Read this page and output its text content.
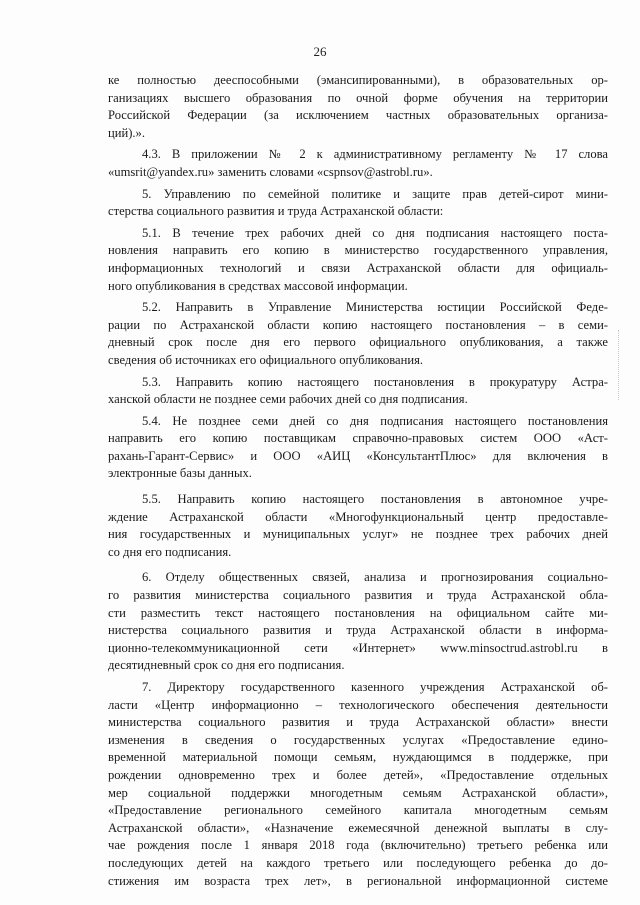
26
ке полностью дееспособными (эмансипированными), в образовательных ор-
ганизациях высшего образования по очной форме обучения на территории
Российской Федерации (за исключением частных образовательных организа-
ций).».
4.3. В приложении № 2 к административному регламенту № 17 слова
«umsrit@yandex.ru» заменить словами «cspnsov@astrobl.ru».
5. Управлению по семейной политике и защите прав детей-сирот мини-
стерства социального развития и труда Астраханской области:
5.1. В течение трех рабочих дней со дня подписания настоящего поста-
новления направить его копию в министерство государственного управления,
информационных технологий и связи Астраханской области для официаль-
ного опубликования в средствах массовой информации.
5.2. Направить в Управление Министерства юстиции Российской Феде-
рации по Астраханской области копию настоящего постановления – в семи-
дневный срок после дня его первого официального опубликования, а также
сведения об источниках его официального опубликования.
5.3. Направить копию настоящего постановления в прокуратуру Астра-
ханской области не позднее семи рабочих дней со дня подписания.
5.4. Не позднее семи дней со дня подписания настоящего постановления
направить его копию поставщикам справочно-правовых систем ООО «Аст-
рахань-Гарант-Сервис» и ООО «АИЦ «КонсультантПлюс» для включения в
электронные базы данных.
5.5. Направить копию настоящего постановления в автономное учре-
ждение Астраханской области «Многофункциональный центр предоставле-
ния государственных и муниципальных услуг» не позднее трех рабочих дней
со дня его подписания.
6. Отделу общественных связей, анализа и прогнозирования социально-
го развития министерства социального развития и труда Астраханской обла-
сти разместить текст настоящего постановления на официальном сайте ми-
нистерства социального развития и труда Астраханской области в информа-
ционно-телекоммуникационной сети «Интернет» www.minsoctrud.astrobl.ru в
десятидневный срок со дня его подписания.
7. Директору государственного казенного учреждения Астраханской об-
ласти «Центр информационно – технологического обеспечения деятельности
министерства социального развития и труда Астраханской области» внести
изменения в сведения о государственных услугах «Предоставление едино-
временной материальной помощи семьям, нуждающимся в поддержке, при
рождении одновременно трех и более детей», «Предоставление отдельных
мер социальной поддержки многодетным семьям Астраханской области»,
«Предоставление регионального семейного капитала многодетным семьям
Астраханской области», «Назначение ежемесячной денежной выплаты в слу-
чае рождения после 1 января 2018 года (включительно) третьего ребенка или
последующих детей на каждого третьего или последующего ребенка до до-
стижения им возраста трех лет», в региональной информационной системе
